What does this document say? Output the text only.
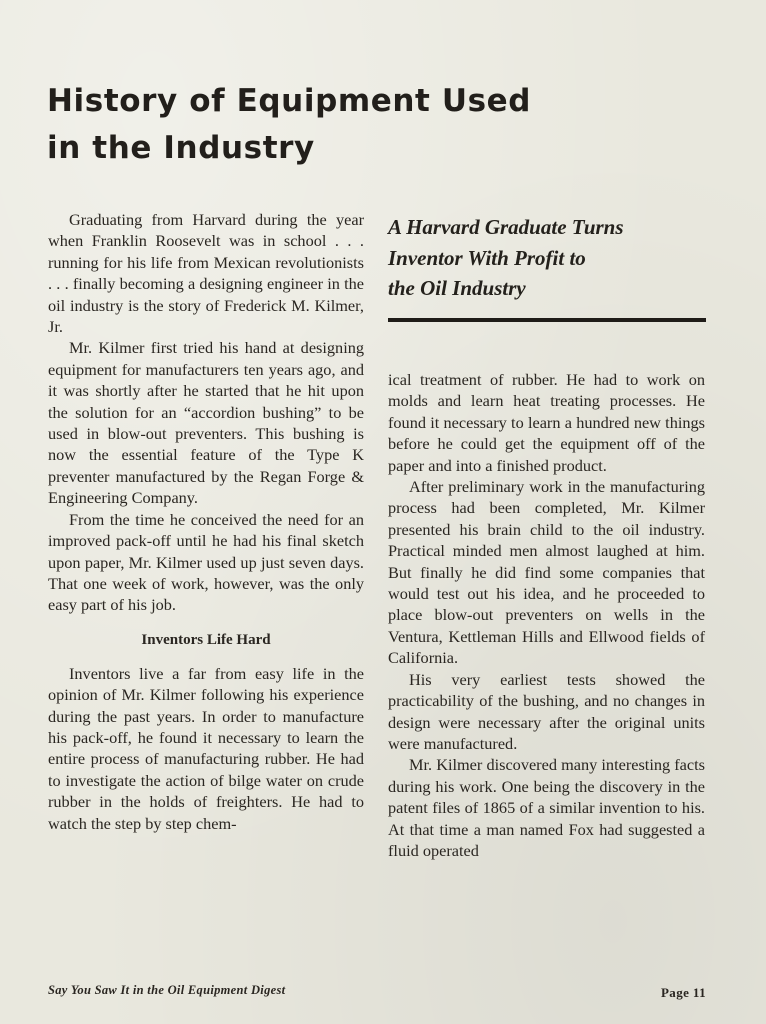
History of Equipment Used
in the Industry

Graduating from Harvard during the year when Franklin Roosevelt was in school . . . running for his life from Mexican revolutionists . . . finally becoming a designing engineer in the oil industry is the story of Frederick M. Kilmer, Jr.

Mr. Kilmer first tried his hand at designing equipment for manufacturers ten years ago, and it was shortly after he started that he hit upon the solution for an “accordion bushing” to be used in blow-out preventers. This bushing is now the essential feature of the Type K preventer manufactured by the Regan Forge & Engineering Company.

From the time he conceived the need for an improved pack-off until he had his final sketch upon paper, Mr. Kilmer used up just seven days. That one week of work, however, was the only easy part of his job.

Inventors Life Hard

Inventors live a far from easy life in the opinion of Mr. Kilmer following his experience during the past years. In order to manufacture his pack-off, he found it necessary to learn the entire process of manufacturing rubber. He had to investigate the action of bilge water on crude rubber in the holds of freighters. He had to watch the step by step chem-

A Harvard Graduate Turns
Inventor With Profit to
the Oil Industry

ical treatment of rubber. He had to work on molds and learn heat treating processes. He found it necessary to learn a hundred new things before he could get the equipment off of the paper and into a finished product.

After preliminary work in the manufacturing process had been completed, Mr. Kilmer presented his brain child to the oil industry. Practical minded men almost laughed at him. But finally he did find some companies that would test out his idea, and he proceeded to place blow-out preventers on wells in the Ventura, Kettleman Hills and Ellwood fields of California.

His very earliest tests showed the practicability of the bushing, and no changes in design were necessary after the original units were manufactured.

Mr. Kilmer discovered many interesting facts during his work. One being the discovery in the patent files of 1865 of a similar invention to his. At that time a man named Fox had suggested a fluid operated

Say You Saw It in the Oil Equipment Digest	Page 11
